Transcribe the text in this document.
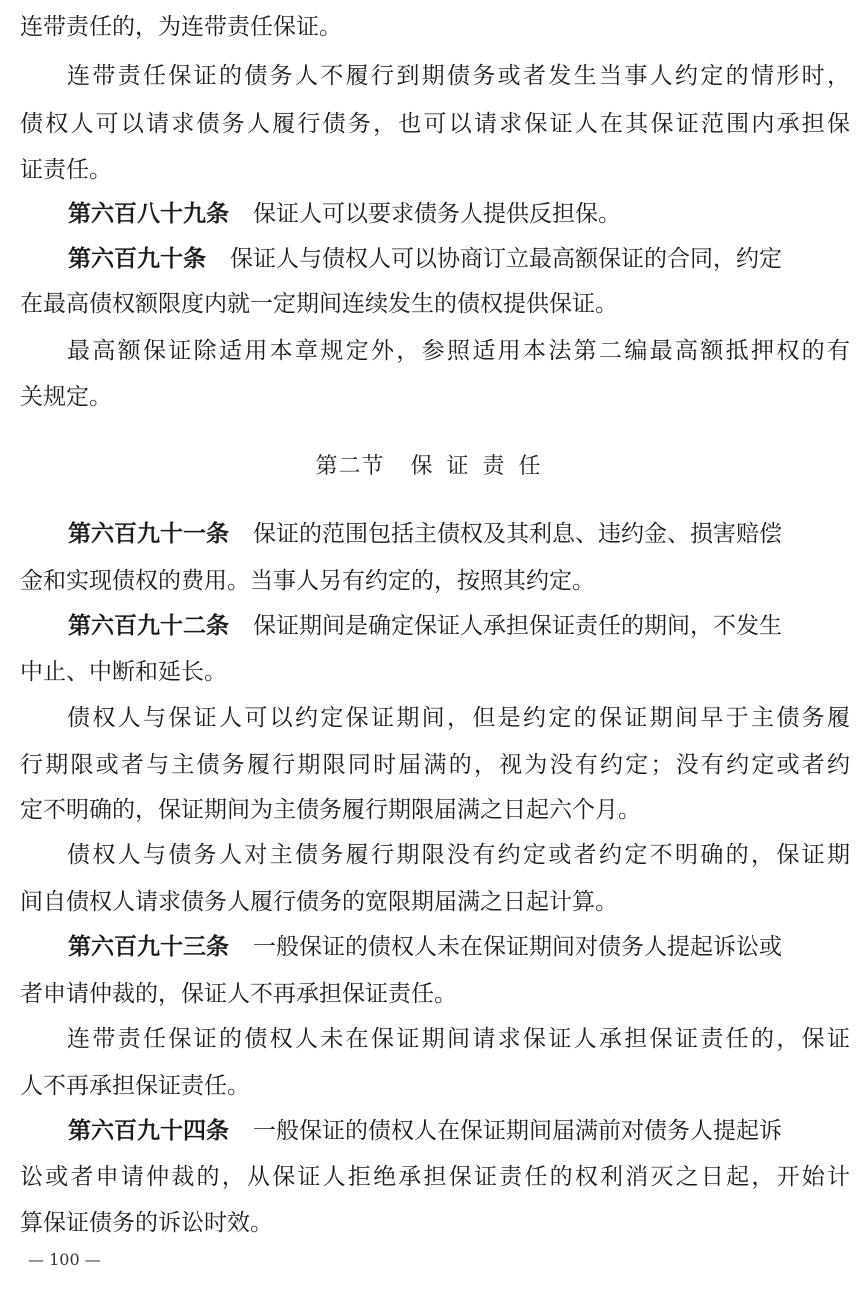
连带责任的，为连带责任保证。
连带责任保证的债务人不履行到期债务或者发生当事人约定的情形时，
债权人可以请求债务人履行债务，也可以请求保证人在其保证范围内承担保
证责任。
第六百八十九条 保证人可以要求债务人提供反担保。
第六百九十条 保证人与债权人可以协商订立最高额保证的合同，约定
在最高债权额限度内就一定期间连续发生的债权提供保证。
最高额保证除适用本章规定外，参照适用本法第二编最高额抵押权的有
关规定。
第二节 保证责任
第六百九十一条 保证的范围包括主债权及其利息、违约金、损害赔偿
金和实现债权的费用。当事人另有约定的，按照其约定。
第六百九十二条 保证期间是确定保证人承担保证责任的期间，不发生
中止、中断和延长。
债权人与保证人可以约定保证期间，但是约定的保证期间早于主债务履
行期限或者与主债务履行期限同时届满的，视为没有约定；没有约定或者约
定不明确的，保证期间为主债务履行期限届满之日起六个月。
债权人与债务人对主债务履行期限没有约定或者约定不明确的，保证期
间自债权人请求债务人履行债务的宽限期届满之日起计算。
第六百九十三条 一般保证的债权人未在保证期间对债务人提起诉讼或
者申请仲裁的，保证人不再承担保证责任。
连带责任保证的债权人未在保证期间请求保证人承担保证责任的，保证
人不再承担保证责任。
第六百九十四条 一般保证的债权人在保证期间届满前对债务人提起诉
讼或者申请仲裁的，从保证人拒绝承担保证责任的权利消灭之日起，开始计
算保证债务的诉讼时效。
— 100 —
